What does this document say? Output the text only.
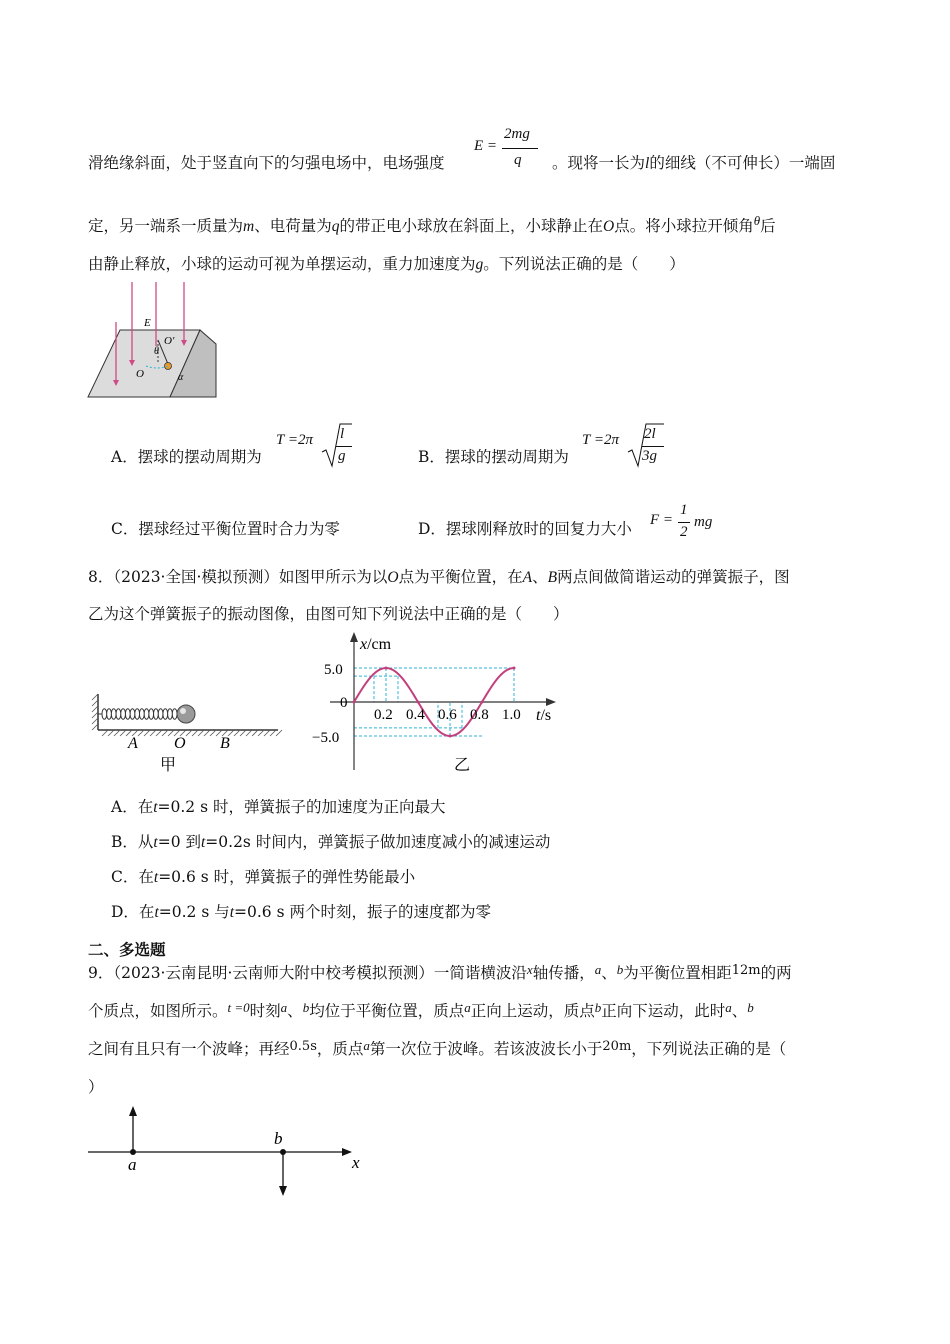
滑绝缘斜面，处于竖直向下的匀强电场中，电场强度
E =
2mg
q 。现将一长为l的细线（不可伸长）一端固
定，另一端系一质量为m、电荷量为q的带正电小球放在斜面上，小球静止在O点。将小球拉开倾角$^\theta$后
由静止释放，小球的运动可视为单摆运动，重力加速度为g。下列说法正确的是（　　）
E
O′
θ
O	α
A．摆球的摆动周期为
T =2π l
g	B．摆球的摆动周期为
T =2π 2l
3g
C．摆球经过平衡位置时合力为零	D．摆球刚释放时的回复力大小 F =
1
2
mg
8．（2023·全国·模拟预测）如图甲所示为以O点为平衡位置，在A、B两点间做简谐运动的弹簧振子，图
乙为这个弹簧振子的振动图像，由图可知下列说法中正确的是（　　）
A O B
甲
0.2 0.4 0.6 0.8 1.0
5.0
0
−5.0
x/cm
t/s
乙
A．在t=0.2 s 时，弹簧振子的加速度为正向最大
B．从t=0 到t=0.2s 时间内，弹簧振子做加速度减小的减速运动
C．在t=0.6 s 时，弹簧振子的弹性势能最小
D．在t=0.2 s 与t=0.6 s 两个时刻，振子的速度都为零
二、多选题
9．（2023·云南昆明·云南师大附中校考模拟预测）一简谐横波沿$^x$轴传播，$^a$、$^b$为平衡位置相距$^{12m}$的两
个质点，如图所示。$^{t =0}$时刻$^a$、$^b$均位于平衡位置，质点$^a$正向上运动，质点$^b$正向下运动，此时$^a$、$^b$
之间有且只有一个波峰；再经$^{0.5s}$，质点$^a$第一次位于波峰。若该波波长小于$^{20m}$，下列说法正确的是（
）
a
b
x
